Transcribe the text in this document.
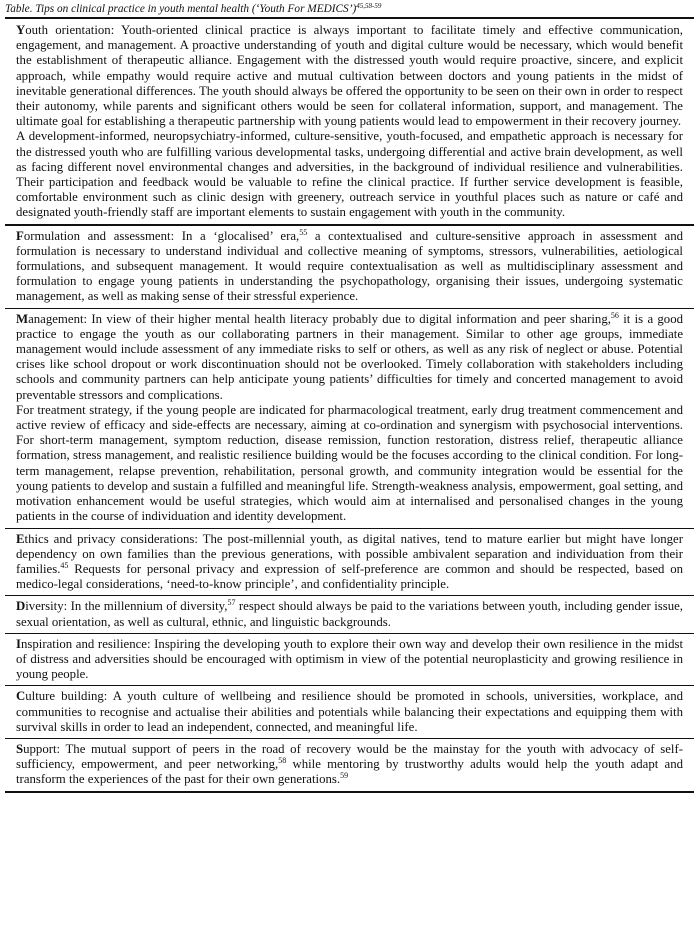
Table. Tips on clinical practice in youth mental health (‘Youth For MEDICS’)$^{45,58-59}$

Youth orientation: Youth-oriented clinical practice is always important to facilitate timely and effective communication, engagement, and management. A proactive understanding of youth and digital culture would be necessary, which would benefit the establishment of therapeutic alliance. Engagement with the distressed youth would require proactive, sincere, and explicit approach, while empathy would require active and mutual cultivation between doctors and young patients in the midst of inevitable generational differences. The youth should always be offered the opportunity to be seen on their own in order to respect their autonomy, while parents and significant others would be seen for collateral information, support, and management. The ultimate goal for establishing a therapeutic partnership with young patients would lead to empowerment in their recovery journey.

A development-informed, neuropsychiatry-informed, culture-sensitive, youth-focused, and empathetic approach is necessary for the distressed youth who are fulfilling various developmental tasks, undergoing differential and active brain development, as well as facing different novel environmental changes and adversities, in the background of individual resilience and vulnerabilities. Their participation and feedback would be valuable to refine the clinical practice. If further service development is feasible, comfortable environment such as clinic design with greenery, outreach service in youthful places such as nature or café and designated youth-friendly staff are important elements to sustain engagement with youth in the community.

Formulation and assessment: In a ‘glocalised’ era,$^{55}$ a contextualised and culture-sensitive approach in assessment and formulation is necessary to understand individual and collective meaning of symptoms, stressors, vulnerabilities, aetiological formulations, and subsequent management. It would require contextualisation as well as multidisciplinary assessment and formulation to engage young patients in understanding the psychopathology, organising their issues, undergoing systematic management, as well as making sense of their stressful experience.

Management: In view of their higher mental health literacy probably due to digital information and peer sharing,$^{56}$ it is a good practice to engage the youth as our collaborating partners in their management. Similar to other age groups, immediate management would include assessment of any immediate risks to self or others, as well as any risk of neglect or abuse. Potential crises like school dropout or work discontinuation should not be overlooked. Timely collaboration with stakeholders including schools and community partners can help anticipate young patients’ difficulties for timely and concerted management to avoid preventable stressors and complications.

For treatment strategy, if the young people are indicated for pharmacological treatment, early drug treatment commencement and active review of efficacy and side-effects are necessary, aiming at co-ordination and synergism with psychosocial interventions. For short-term management, symptom reduction, disease remission, function restoration, distress relief, therapeutic alliance formation, stress management, and realistic resilience building would be the focuses according to the clinical condition. For long-term management, relapse prevention, rehabilitation, personal growth, and community integration would be essential for the young patients to develop and sustain a fulfilled and meaningful life. Strength-weakness analysis, empowerment, goal setting, and motivation enhancement would be useful strategies, which would aim at internalised and personalised changes in the young patients in the course of individuation and identity development.

Ethics and privacy considerations: The post-millennial youth, as digital natives, tend to mature earlier but might have longer dependency on own families than the previous generations, with possible ambivalent separation and individuation from their families.$^{45}$ Requests for personal privacy and expression of self-preference are common and should be respected, based on medico-legal considerations, ‘need-to-know principle’, and confidentiality principle.

Diversity: In the millennium of diversity,$^{57}$ respect should always be paid to the variations between youth, including gender issue, sexual orientation, as well as cultural, ethnic, and linguistic backgrounds.

Inspiration and resilience: Inspiring the developing youth to explore their own way and develop their own resilience in the midst of distress and adversities should be encouraged with optimism in view of the potential neuroplasticity and growing resilience in young people.

Culture building: A youth culture of wellbeing and resilience should be promoted in schools, universities, workplace, and communities to recognise and actualise their abilities and potentials while balancing their expectations and equipping them with survival skills in order to lead an independent, connected, and meaningful life.

Support: The mutual support of peers in the road of recovery would be the mainstay for the youth with advocacy of self-sufficiency, empowerment, and peer networking,$^{58}$ while mentoring by trustworthy adults would help the youth adapt and transform the experiences of the past for their own generations.$^{59}$
